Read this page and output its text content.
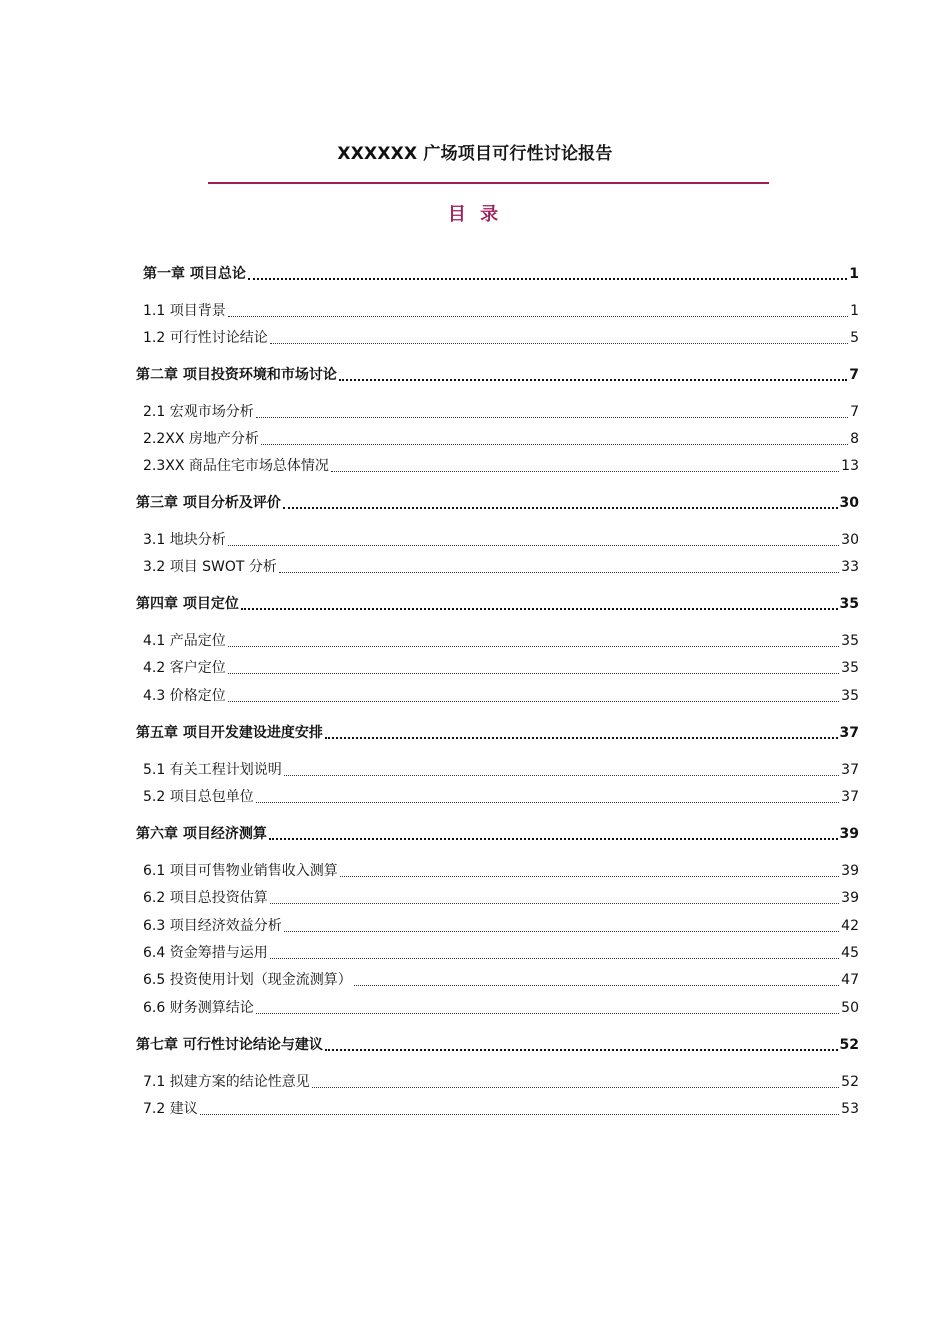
XXXXXX 广场项目可行性讨论报告
目 录
第一章 项目总论	1
1.1 项目背景	1
1.2 可行性讨论结论	5
第二章 项目投资环境和市场讨论	7
2.1 宏观市场分析	7
2.2XX 房地产分析	8
2.3XX 商品住宅市场总体情况	13
第三章 项目分析及评价	30
3.1 地块分析	30
3.2 项目 SWOT 分析	33
第四章 项目定位	35
4.1 产品定位	35
4.2 客户定位	35
4.3 价格定位	35
第五章 项目开发建设进度安排	37
5.1 有关工程计划说明	37
5.2 项目总包单位	37
第六章 项目经济测算	39
6.1 项目可售物业销售收入测算	39
6.2 项目总投资估算	39
6.3 项目经济效益分析	42
6.4 资金筹措与运用	45
6.5 投资使用计划（现金流测算）	47
6.6 财务测算结论	50
第七章 可行性讨论结论与建议	52
7.1 拟建方案的结论性意见	52
7.2 建议	53
